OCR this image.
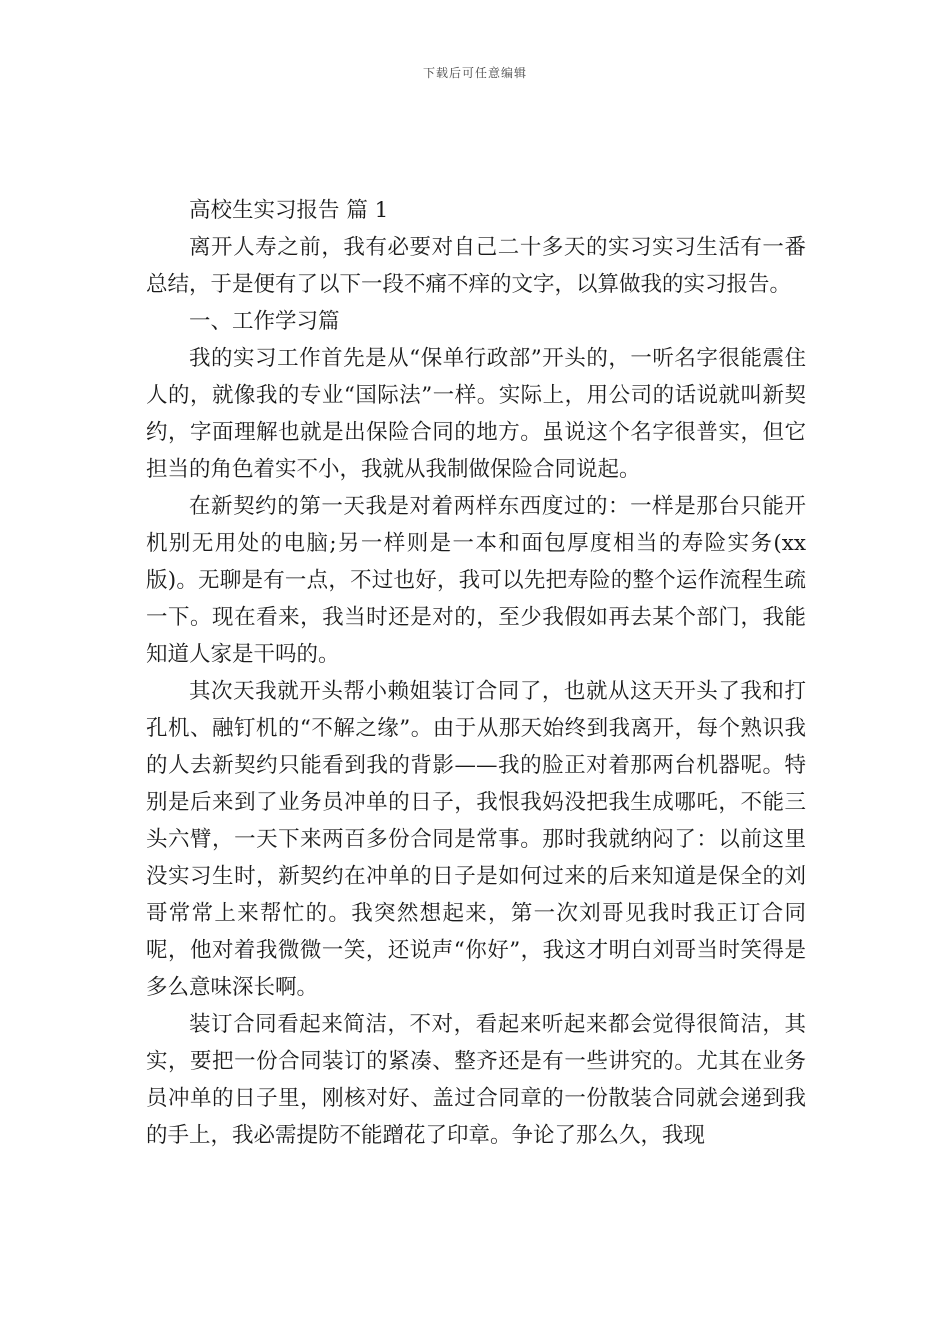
下载后可任意编辑

高校生实习报告 篇 1

离开人寿之前，我有必要对自己二十多天的实习实习生活有一番总结，于是便有了以下一段不痛不痒的文字，以算做我的实习报告。

一、工作学习篇

我的实习工作首先是从“保单行政部”开头的，一听名字很能震住人的，就像我的专业“国际法”一样。实际上，用公司的话说就叫新契约，字面理解也就是出保险合同的地方。虽说这个名字很普实，但它担当的角色着实不小，我就从我制做保险合同说起。

在新契约的第一天我是对着两样东西度过的：一样是那台只能开机别无用处的电脑;另一样则是一本和面包厚度相当的寿险实务(xx版)。无聊是有一点，不过也好，我可以先把寿险的整个运作流程生疏一下。现在看来，我当时还是对的，至少我假如再去某个部门，我能知道人家是干吗的。

其次天我就开头帮小赖姐装订合同了，也就从这天开头了我和打孔机、融钉机的“不解之缘”。由于从那天始终到我离开，每个熟识我的人去新契约只能看到我的背影——我的脸正对着那两台机器呢。特别是后来到了业务员冲单的日子，我恨我妈没把我生成哪吒，不能三头六臂，一天下来两百多份合同是常事。那时我就纳闷了：以前这里没实习生时，新契约在冲单的日子是如何过来的后来知道是保全的刘哥常常上来帮忙的。我突然想起来，第一次刘哥见我时我正订合同呢，他对着我微微一笑，还说声“你好”，我这才明白刘哥当时笑得是多么意味深长啊。

装订合同看起来简洁，不对，看起来听起来都会觉得很简洁，其实，要把一份合同装订的紧凑、整齐还是有一些讲究的。尤其在业务员冲单的日子里，刚核对好、盖过合同章的一份散装合同就会递到我的手上，我必需提防不能蹭花了印章。争论了那么久，我现
